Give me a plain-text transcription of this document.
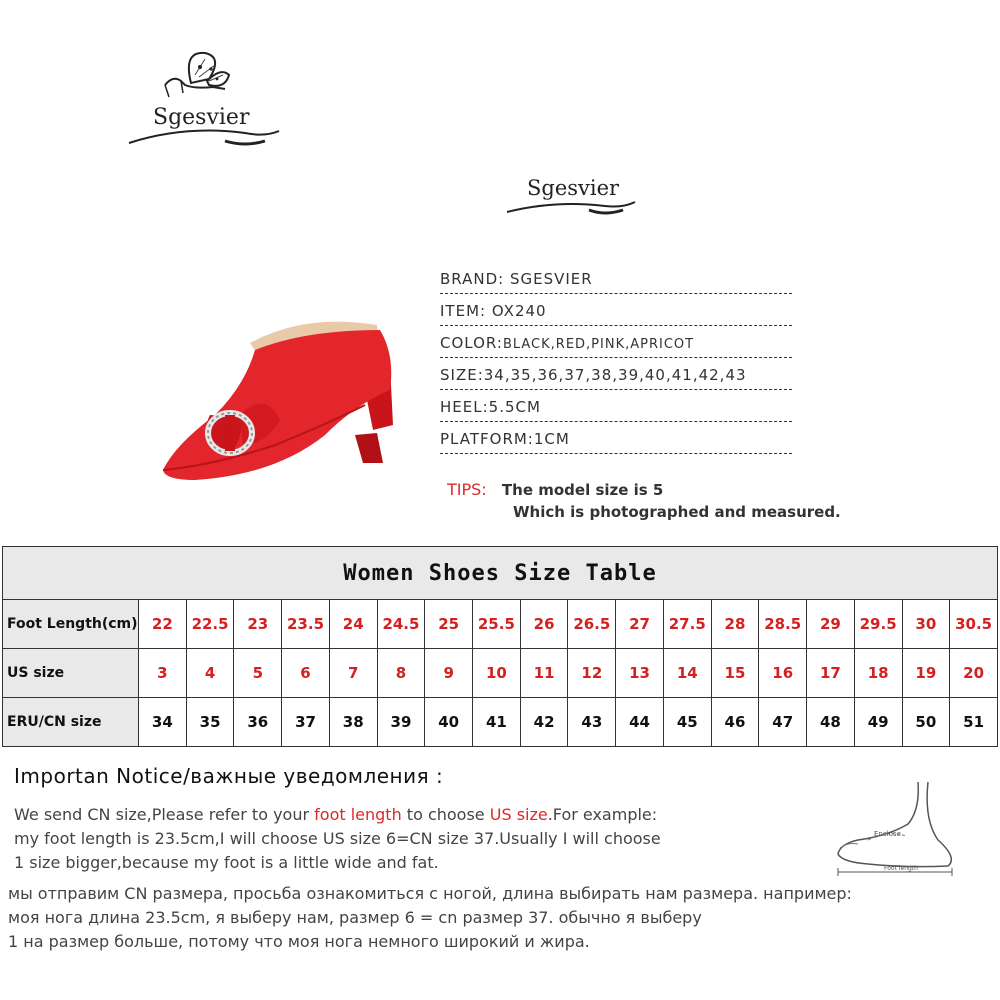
Sgesvier
Sgesvier
BRAND: SGESVIER
ITEM: OX240
COLOR:BLACK,RED,PINK,APRICOT
SIZE:34,35,36,37,38,39,40,41,42,43
HEEL:5.5CM
PLATFORM:1CM
TIPS: The model size is 5
Which is photographed and measured.
Women Shoes Size Table																		
Foot Length(cm)	22	22.5	23	23.5	24	24.5	25	25.5	26	26.5	27	27.5	28	28.5	29	29.5	30	30.5
US size	3	4	5	6	7	8	9	10	11	12	13	14	15	16	17	18	19	20
ERU/CN size	34	35	36	37	38	39	40	41	42	43	44	45	46	47	48	49	50	51
Importan Notice/важные уведомления :
We send CN size,Please refer to your foot length to choose US size.For example:
my foot length is 23.5cm,I will choose US size 6=CN size 37.Usually I will choose
1 size bigger,because my foot is a little wide and fat.
мы отправим CN размера, просьба ознакомиться с ногой, длина выбирать нам размера. например:
моя нога длина 23.5cm, я выберу нам, размер 6 = cn размер 37. обычно я выберу
1 на размер больше, потому что моя нога немного широкий и жира.
Enclose
Foot length
